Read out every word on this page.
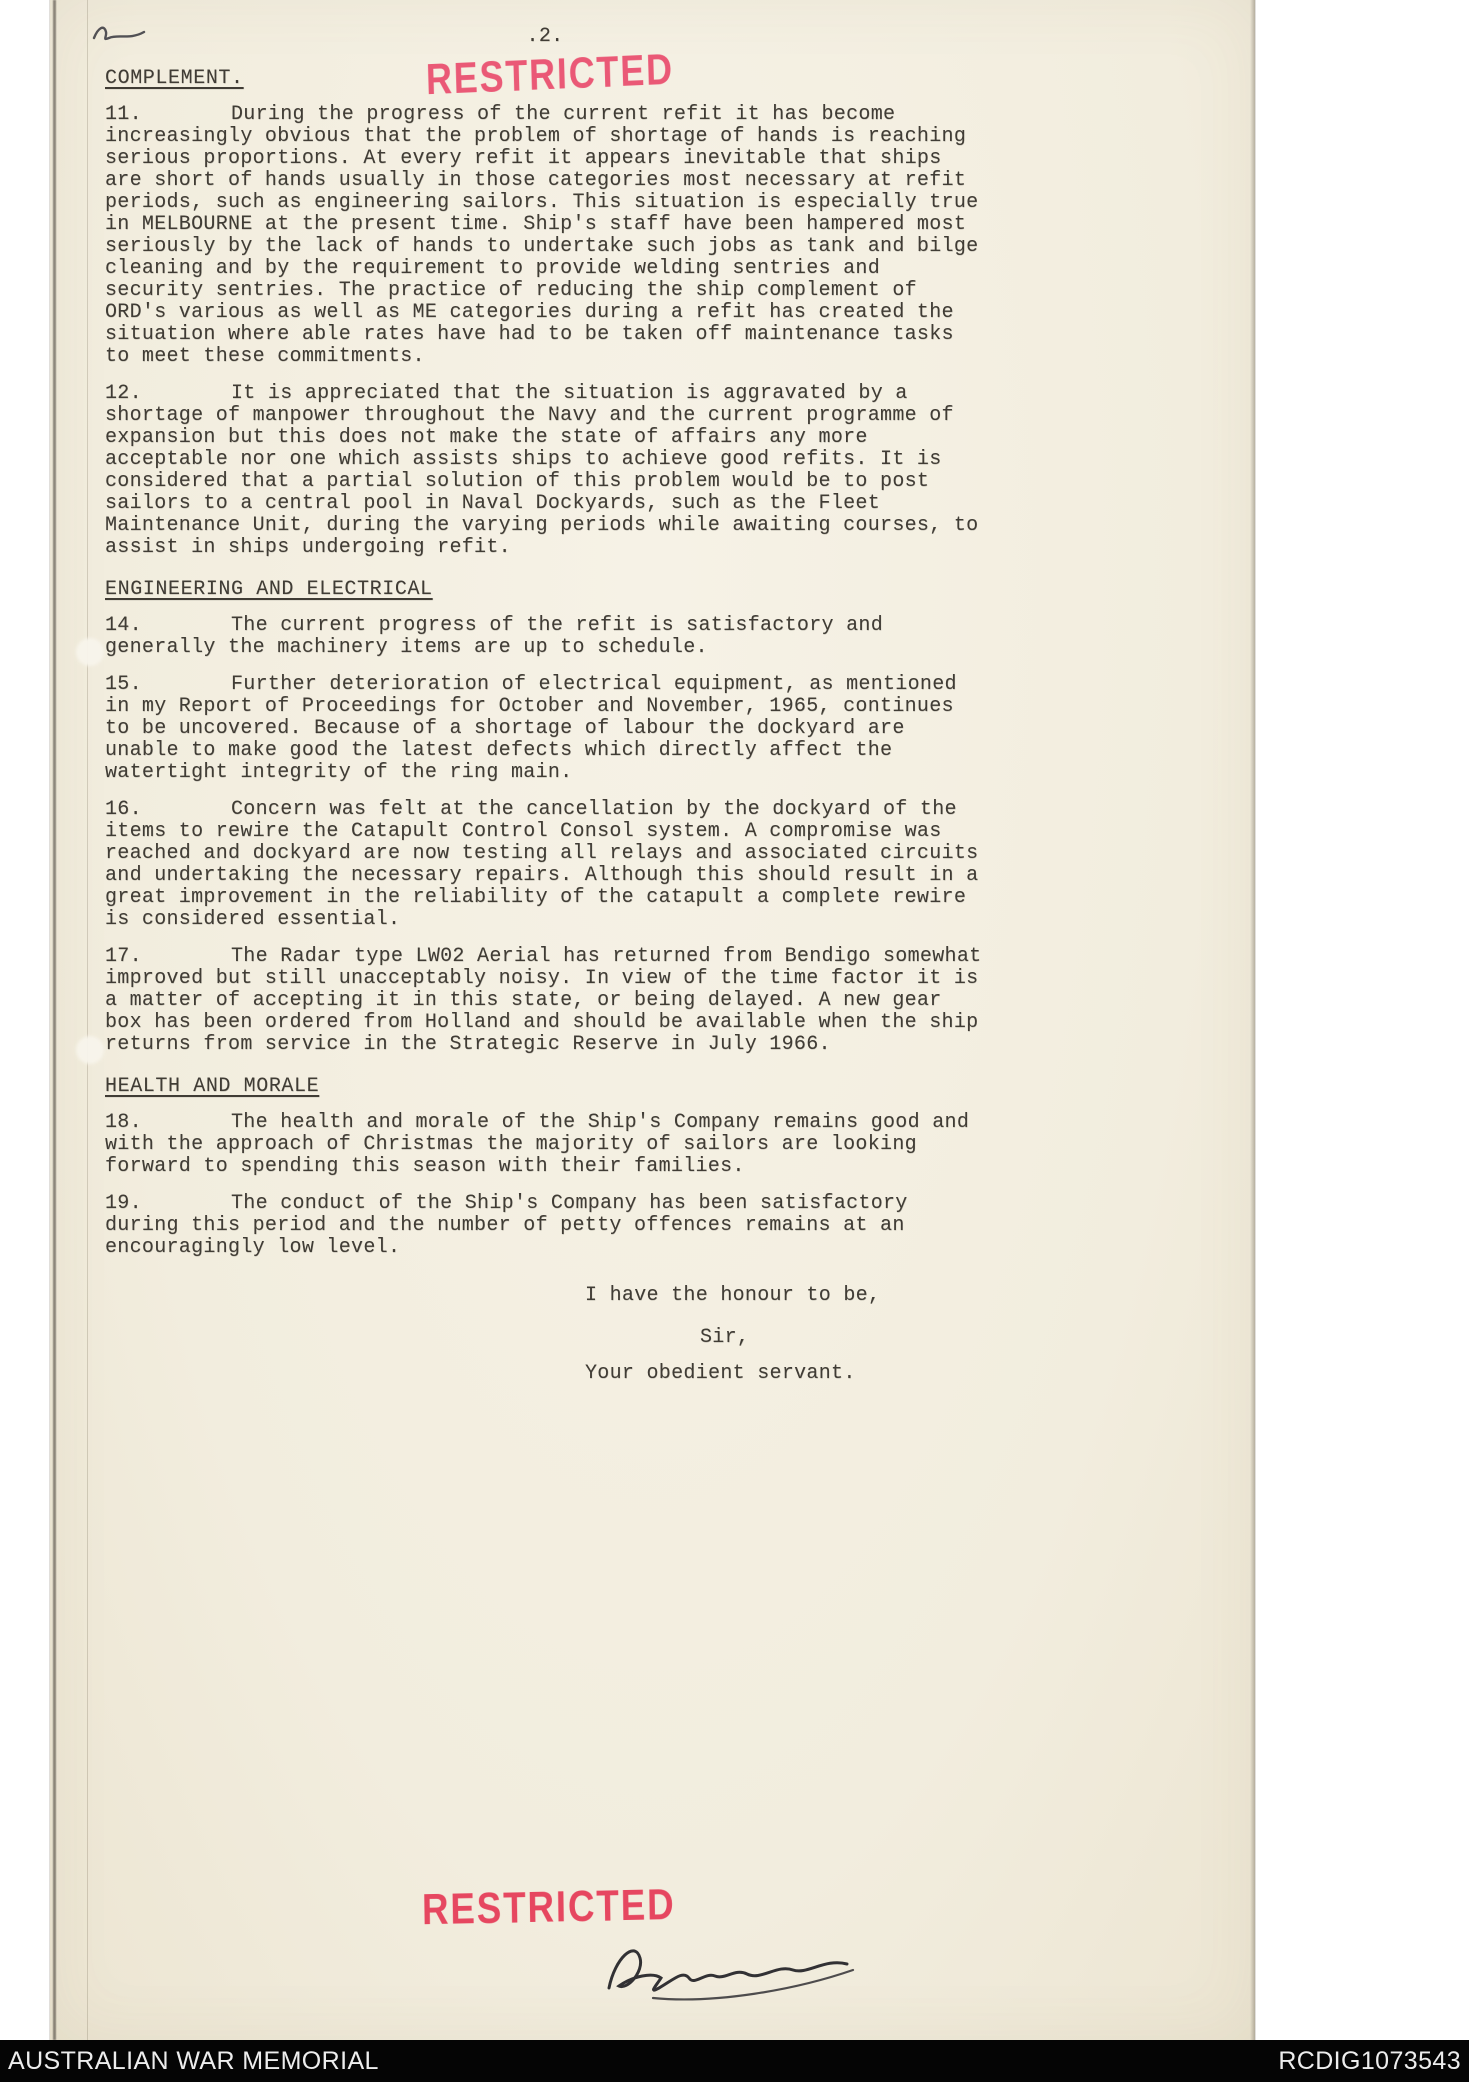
RESTRICTED
.2.
COMPLEMENT.
11.	During the progress of the current refit it has become increasingly obvious that the problem of shortage of hands is reaching serious proportions. At every refit it appears inevitable that ships are short of hands usually in those categories most necessary at refit periods, such as engineering sailors. This situation is especially true in MELBOURNE at the present time. Ship's staff have been hampered most seriously by the lack of hands to undertake such jobs as tank and bilge cleaning and by the requirement to provide welding sentries and security sentries. The practice of reducing the ship complement of ORD's various as well as ME categories during a refit has created the situation where able rates have had to be taken off maintenance tasks to meet these commitments.
12.	It is appreciated that the situation is aggravated by a shortage of manpower throughout the Navy and the current programme of expansion but this does not make the state of affairs any more acceptable nor one which assists ships to achieve good refits. It is considered that a partial solution of this problem would be to post sailors to a central pool in Naval Dockyards, such as the Fleet Maintenance Unit, during the varying periods while awaiting courses, to assist in ships undergoing refit.
ENGINEERING AND ELECTRICAL
14.	The current progress of the refit is satisfactory and generally the machinery items are up to schedule.
15.	Further deterioration of electrical equipment, as mentioned in my Report of Proceedings for October and November, 1965, continues to be uncovered. Because of a shortage of labour the dockyard are unable to make good the latest defects which directly affect the watertight integrity of the ring main.
16.	Concern was felt at the cancellation by the dockyard of the items to rewire the Catapult Control Consol system. A compromise was reached and dockyard are now testing all relays and associated circuits and undertaking the necessary repairs. Although this should result in a great improvement in the reliability of the catapult a complete rewire is considered essential.
17.	The Radar type LW02 Aerial has returned from Bendigo somewhat improved but still unacceptably noisy. In view of the time factor it is a matter of accepting it in this state, or being delayed. A new gear box has been ordered from Holland and should be available when the ship returns from service in the Strategic Reserve in July 1966.
HEALTH AND MORALE
18.	The health and morale of the Ship's Company remains good and with the approach of Christmas the majority of sailors are looking forward to spending this season with their families.
19.	The conduct of the Ship's Company has been satisfactory during this period and the number of petty offences remains at an encouragingly low level.
I have the honour to be,
Sir,
Your obedient servant.
RESTRICTED
AUSTRALIAN WAR MEMORIAL	RCDIG1073543
